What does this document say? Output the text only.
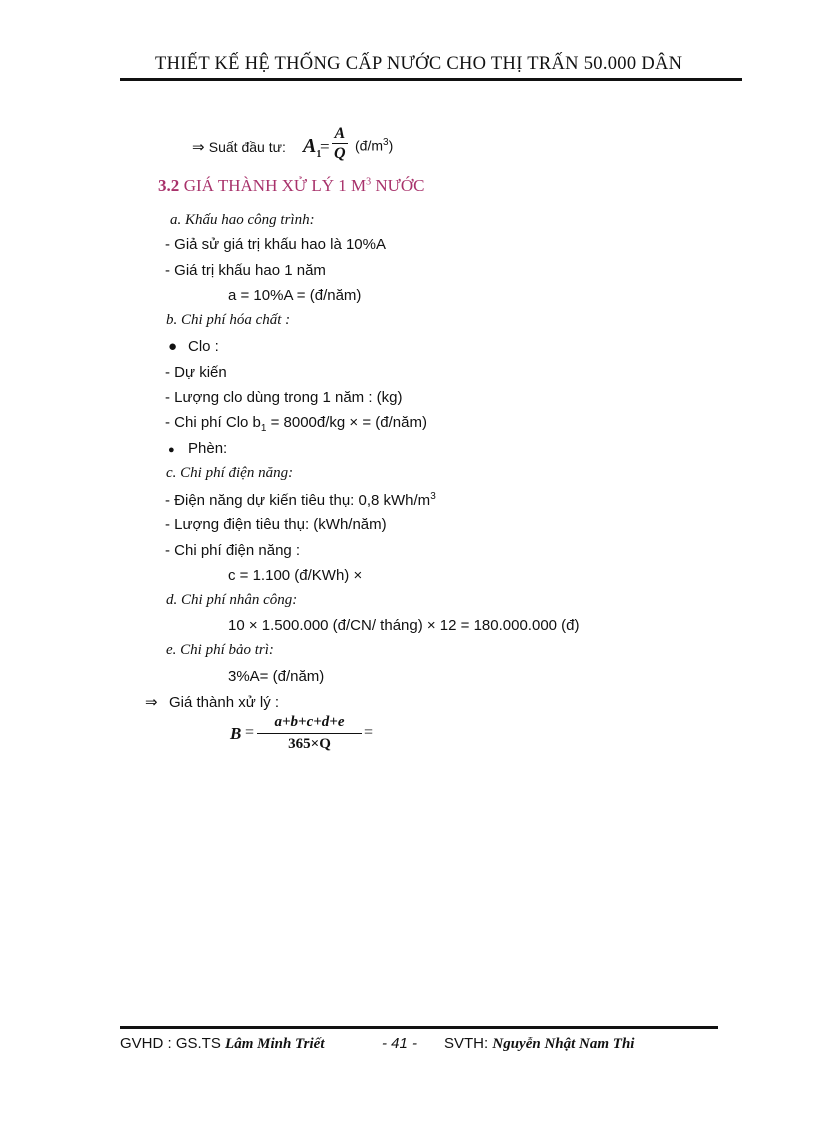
THIẾT KẾ HỆ THỐNG CẤP NƯỚC CHO THỊ TRẤN 50.000 DÂN
⇒ Suất đầu tư: $A_1$
= $\frac{A}{Q}$ $(đ/m^3)$
3.2 GIÁ THÀNH XỬ LÝ 1 $M^3$ NƯỚC
a. Khấu hao công trình:
- Giả sử giá trị khấu hao là 10%A
- Giá trị khấu hao 1 năm
a = 10%A = (đ/năm)
b. Chi phí hóa chất :
● Clo :
- Dự kiến
- Lượng clo dùng trong 1 năm : (kg)
- Chi phí Clo $b_1$ = 8000đ/kg × = (đ/năm)
● Phèn:
c. Chi phí điện năng:
- Điện năng dự kiến tiêu thụ: 0,8 kWh/$m^3$
- Lượng điện tiêu thụ: (kWh/năm)
- Chi phí điện năng :
c = 1.100 (đ/KWh) ×
d. Chi phí nhân công:
10 × 1.500.000 (đ/CN/ tháng) × 12 = 180.000.000 (đ)
e. Chi phí bảo trì:
3%A= (đ/năm)
⇒ Giá thành xử lý :
$B = \frac{a+b+c+d+e}{365\times Q}$ =
GVHD : GS.TS Lâm Minh Triết	- 41 - SVTH: Nguyễn Nhật Nam Thi
